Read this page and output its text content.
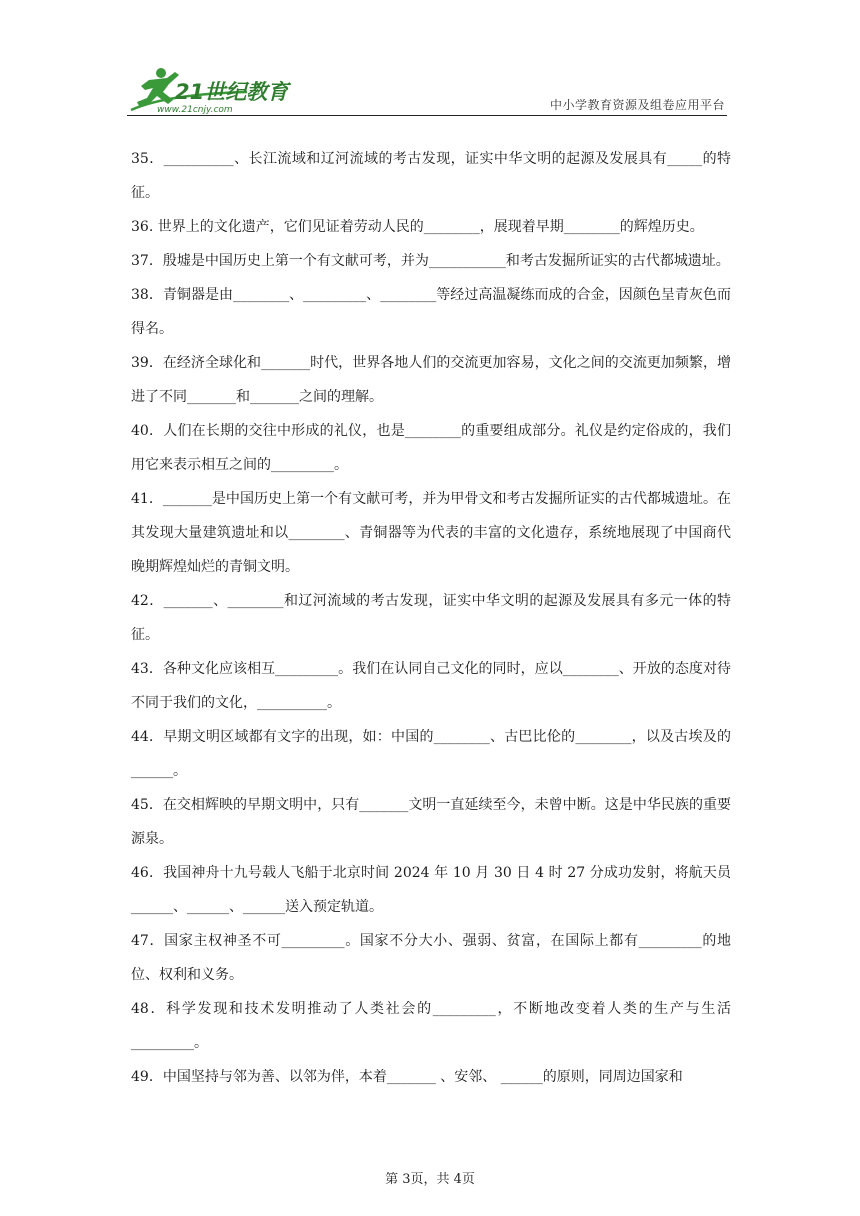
21世纪教育
www.21cnjy.com	中小学教育资源及组卷应用平台

35．__________、长江流域和辽河流域的考古发现，证实中华文明的起源及发展具有_____的特征。

36. 世界上的文化遗产，它们见证着劳动人民的________，展现着早期________的辉煌历史。

37．殷墟是中国历史上第一个有文献可考，并为___________和考古发掘所证实的古代都城遗址。

38．青铜器是由________、_________、________等经过高温凝练而成的合金，因颜色呈青灰色而得名。

39．在经济全球化和_______时代，世界各地人们的交流更加容易，文化之间的交流更加频繁，增进了不同_______和_______之间的理解。

40．人们在长期的交往中形成的礼仪，也是________的重要组成部分。礼仪是约定俗成的，我们用它来表示相互之间的_________。

41．_______是中国历史上第一个有文献可考，并为甲骨文和考古发掘所证实的古代都城遗址。在其发现大量建筑遗址和以________、青铜器等为代表的丰富的文化遗存，系统地展现了中国商代晚期辉煌灿烂的青铜文明。

42．_______、________和辽河流域的考古发现，证实中华文明的起源及发展具有多元一体的特征。

43．各种文化应该相互_________。我们在认同自己文化的同时，应以________、开放的态度对待不同于我们的文化，__________。

44．早期文明区域都有文字的出现，如：中国的________、古巴比伦的________，以及古埃及的______。

45．在交相辉映的早期文明中，只有_______文明一直延续至今，未曾中断。这是中华民族的重要源泉。

46．我国神舟十九号载人飞船于北京时间 2024 年 10 月 30 日 4 时 27 分成功发射，将航天员______、______、______送入预定轨道。

47．国家主权神圣不可_________。国家不分大小、强弱、贫富，在国际上都有_________的地位、权利和义务。

48．科学发现和技术发明推动了人类社会的_________，不断地改变着人类的生产与生活_________。

49．中国坚持与邻为善、以邻为伴，本着_______ 、安邻、 ______的原则，同周边国家和

第 3页，共 4页
